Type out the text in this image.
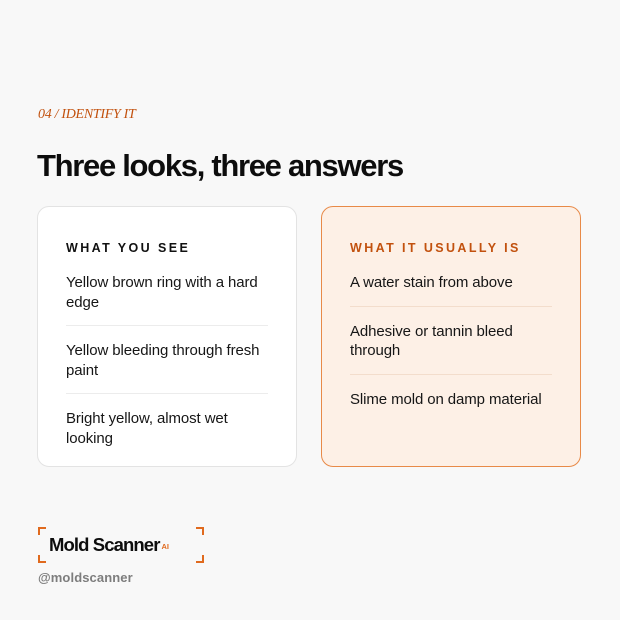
04 / IDENTIFY IT
Three looks, three answers
WHAT YOU SEE
Yellow brown ring with a hard edge
Yellow bleeding through fresh paint
Bright yellow, almost wet looking
WHAT IT USUALLY IS
A water stain from above
Adhesive or tannin bleed through
Slime mold on damp material
Mold Scanner $^{AI}$
@moldscanner
